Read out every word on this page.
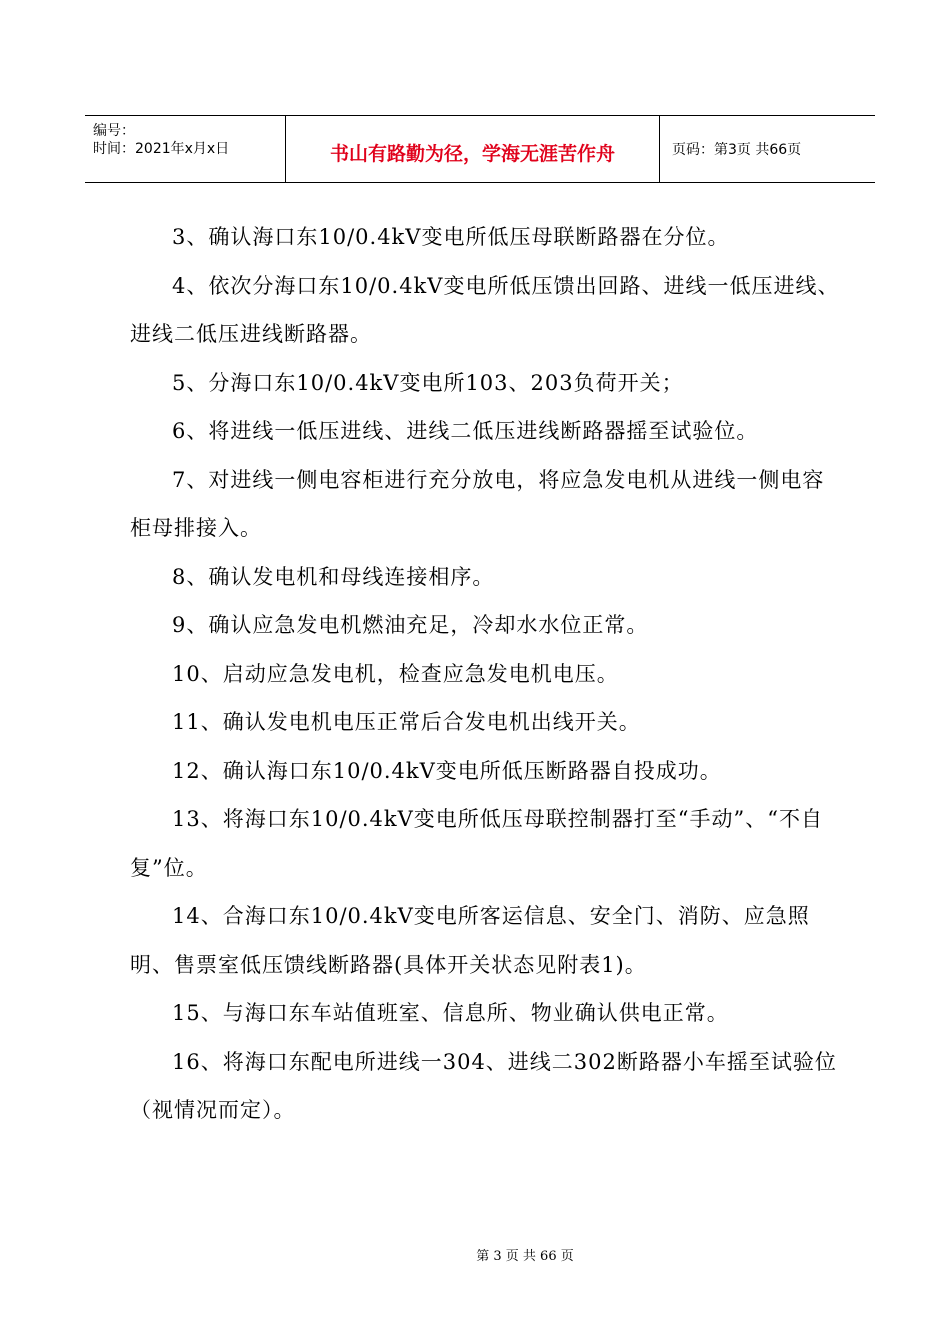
编号：
时间：2021年x月x日	书山有路勤为径，学海无涯苦作舟	页码：第3页 共66页

3、确认海口东10/0.4kV变电所低压母联断路器在分位。

4、依次分海口东10/0.4kV变电所低压馈出回路、进线一低压进线、进线二低压进线断路器。

5、分海口东10/0.4kV变电所103、203负荷开关；

6、将进线一低压进线、进线二低压进线断路器摇至试验位。

7、对进线一侧电容柜进行充分放电，将应急发电机从进线一侧电容柜母排接入。

8、确认发电机和母线连接相序。

9、确认应急发电机燃油充足，冷却水水位正常。

10、启动应急发电机，检查应急发电机电压。

11、确认发电机电压正常后合发电机出线开关。

12、确认海口东10/0.4kV变电所低压断路器自投成功。

13、将海口东10/0.4kV变电所低压母联控制器打至“手动”、“不自复”位。

14、合海口东10/0.4kV变电所客运信息、安全门、消防、应急照明、售票室低压馈线断路器(具体开关状态见附表1)。

15、与海口东车站值班室、信息所、物业确认供电正常。

16、将海口东配电所进线一304、进线二302断路器小车摇至试验位（视情况而定）。

第 3 页 共 66 页
